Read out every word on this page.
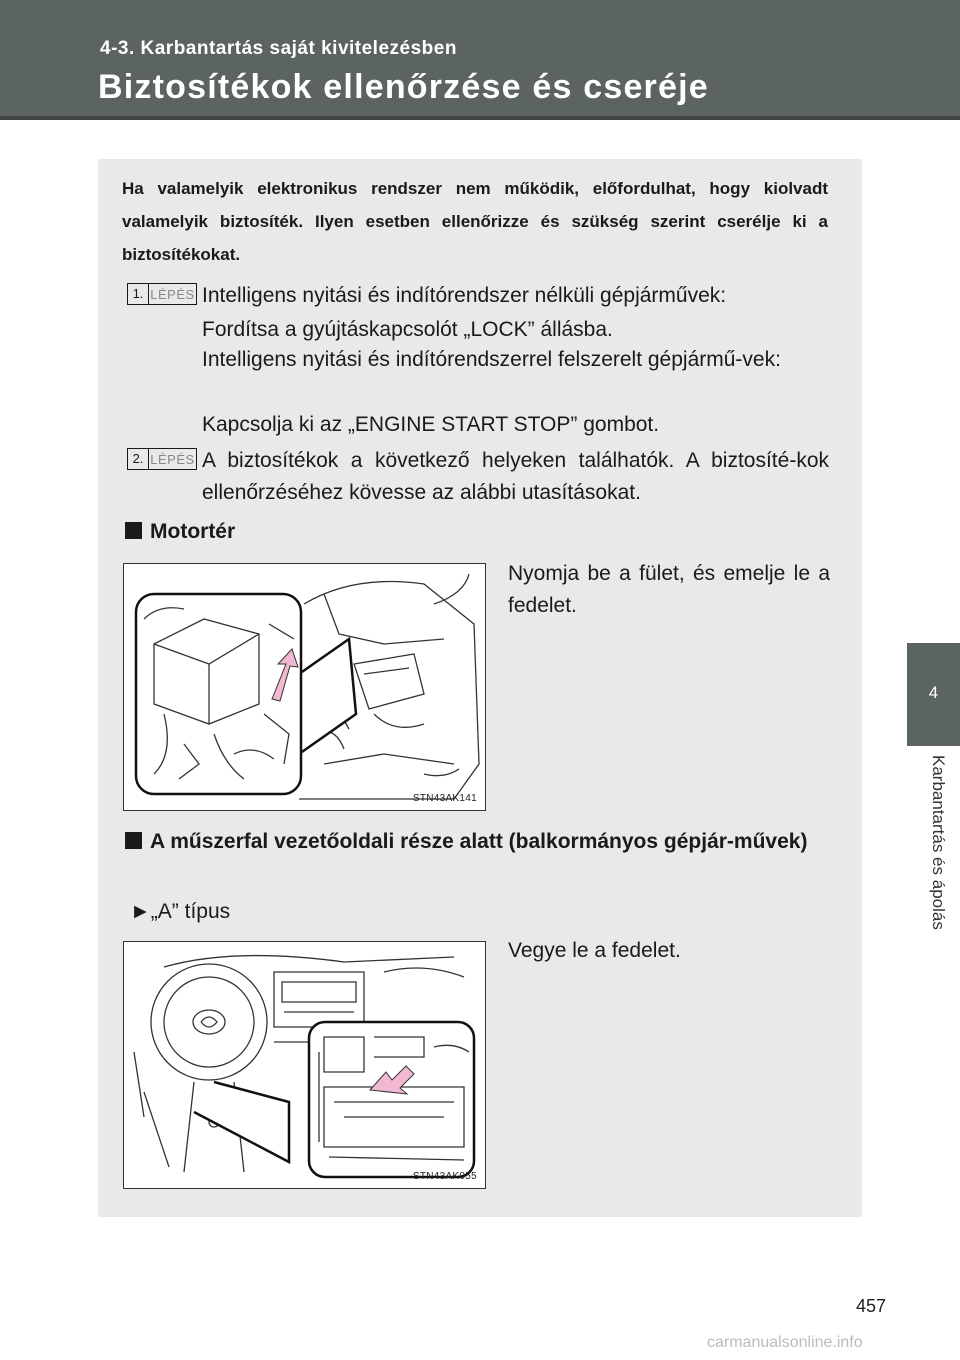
4-3. Karbantartás saját kivitelezésben
Biztosítékok ellenőrzése és cseréje
4
Karbantartás és ápolás
Ha valamelyik elektronikus rendszer nem működik, előfordulhat, hogy kiolvadt valamelyik biztosíték. Ilyen esetben ellenőrizze és szükség szerint cserélje ki a biztosítékokat.
1. LÉPÉS Intelligens nyitási és indítórendszer nélküli gépjárművek:
Fordítsa a gyújtáskapcsolót „LOCK” állásba.
Intelligens nyitási és indítórendszerrel felszerelt gépjármű-vek:
Kapcsolja ki az „ENGINE START STOP” gombot.
2. LÉPÉS A biztosítékok a következő helyeken találhatók. A biztosíté-kok ellenőrzéséhez kövesse az alábbi utasításokat.
Motortér
Nyomja be a fület, és emelje le a fedelet.
STN43AK141
A műszerfal vezetőoldali része alatt (balkormányos gépjár-művek)
►„A” típus
Vegye le a fedelet.
STN43AK055
457
carmanualsonline.info
